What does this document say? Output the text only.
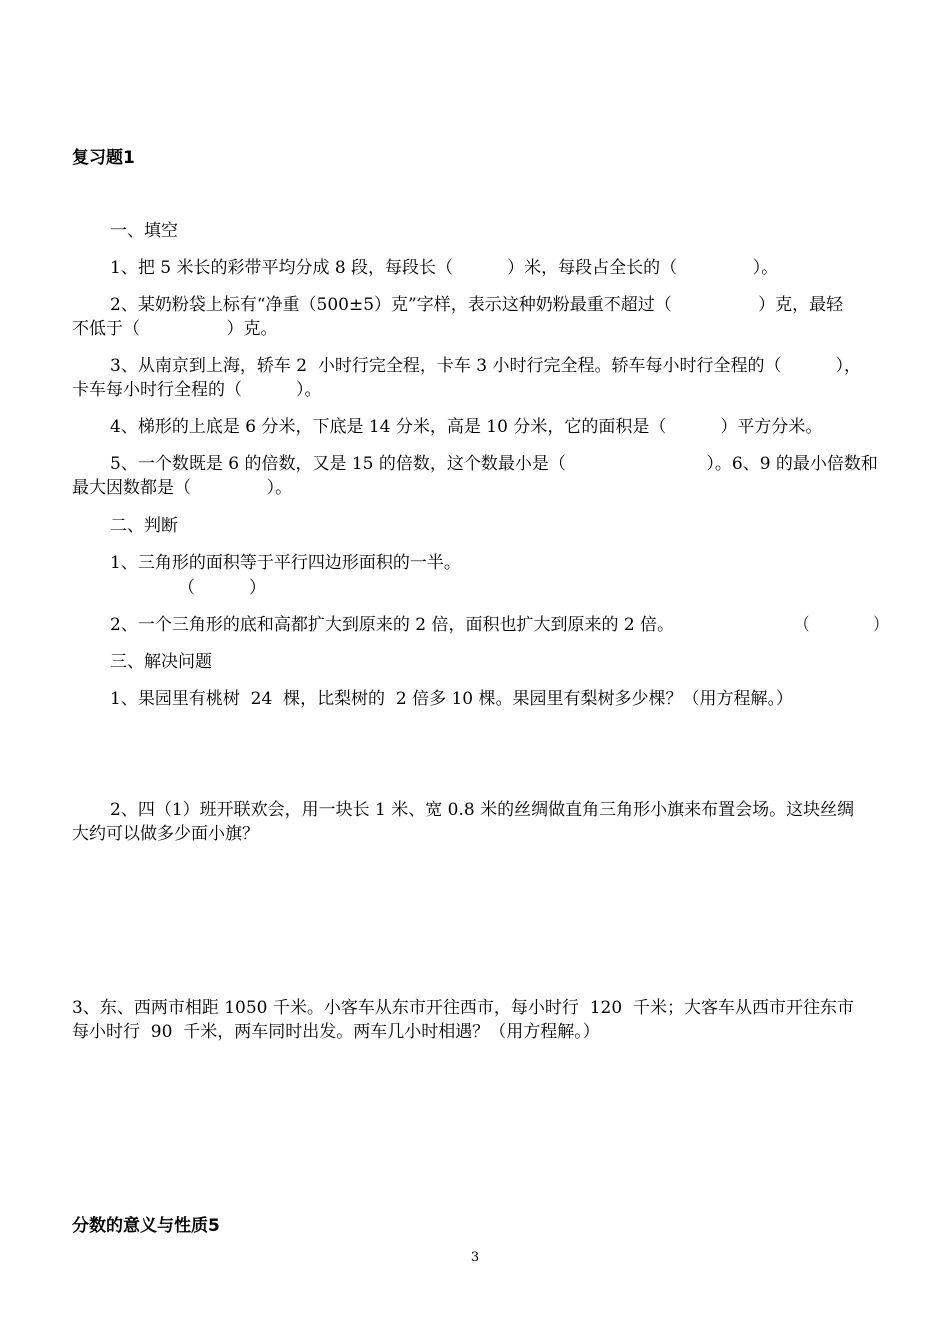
复习题1
一、填空
1、把 5 米长的彩带平均分成 8 段，每段长（          ）米，每段占全长的（              ）。
2、某奶粉袋上标有“净重（500±5）克”字样，表示这种奶粉最重不超过（                ）克，最轻
不低于（                ）克。
3、从南京到上海，轿车 2  小时行完全程，卡车 3 小时行完全程。轿车每小时行全程的（          ），
卡车每小时行全程的（          ）。
4、梯形的上底是 6 分米，下底是 14 分米，高是 10 分米，它的面积是（          ）平方分米。
5、一个数既是 6 的倍数，又是 15 的倍数，这个数最小是（                          ）。6、9 的最小倍数和
最大因数都是（              ）。
二、判断
1、三角形的面积等于平行四边形面积的一半。
（          ）
2、一个三角形的底和高都扩大到原来的 2 倍，面积也扩大到原来的 2 倍。	（              ）
三、解决问题
1、果园里有桃树  24  棵，比梨树的  2 倍多 10 棵。果园里有梨树多少棵？（用方程解。）
2、四（1）班开联欢会，用一块长 1 米、宽 0.8 米的丝绸做直角三角形小旗来布置会场。这块丝绸
大约可以做多少面小旗？
3、东、西两市相距 1050 千米。小客车从东市开往西市，每小时行  120  千米；大客车从西市开往东市
每小时行  90  千米，两车同时出发。两车几小时相遇？（用方程解。）
分数的意义与性质5
3
